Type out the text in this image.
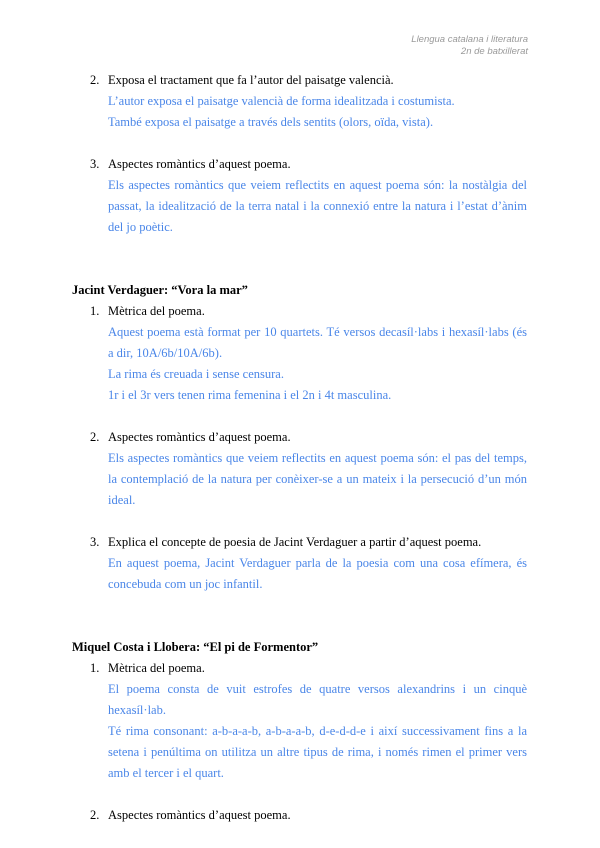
Llengua catalana i literatura
2n de batxillerat
2. Exposa el tractament que fa l’autor del paisatge valencià.

L’autor exposa el paisatge valencià de forma idealitzada i costumista.

També exposa el paisatge a través dels sentits (olors, oïda, vista).

3. Aspectes romàntics d’aquest poema.

Els aspectes romàntics que veiem reflectits en aquest poema són: la nostàlgia del passat, la idealització de la terra natal i la connexió entre la natura i l’estat d’ànim del jo poètic.

Jacint Verdaguer: “Vora la mar”
1. Mètrica del poema.

Aquest poema està format per 10 quartets. Té versos decasíl·labs i hexasíl·labs (és a dir, 10A/6b/10A/6b).

La rima és creuada i sense censura.

1r i el 3r vers tenen rima femenina i el 2n i 4t masculina.

2. Aspectes romàntics d’aquest poema.

Els aspectes romàntics que veiem reflectits en aquest poema són: el pas del temps, la contemplació de la natura per conèixer-se a un mateix i la persecució d’un món ideal.

3. Explica el concepte de poesia de Jacint Verdaguer a partir d’aquest poema.

En aquest poema, Jacint Verdaguer parla de la poesia com una cosa efímera, és concebuda com un joc infantil.

Miquel Costa i Llobera: “El pi de Formentor”
1. Mètrica del poema.

El poema consta de vuit estrofes de quatre versos alexandrins i un cinquè hexasíl·lab.

Té rima consonant: a-b-a-a-b, a-b-a-a-b, d-e-d-d-e i així successivament fins a la setena i penúltima on utilitza un altre tipus de rima, i només rimen el primer vers amb el tercer i el quart.

2. Aspectes romàntics d’aquest poema.
